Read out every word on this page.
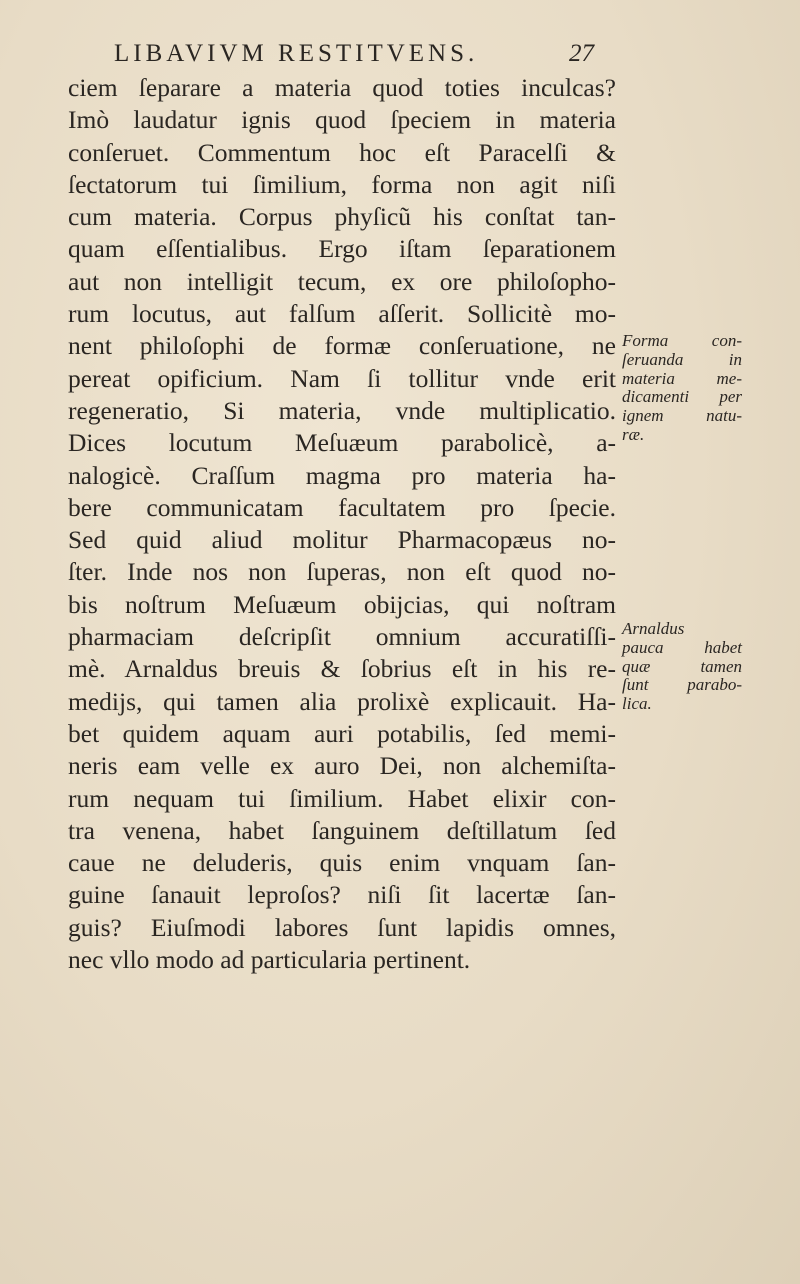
LIBAVIVM RESTITVENS.	27
ciem ſeparare a materia quod toties inculcas?
Imò laudatur ignis quod ſpeciem in materia
conſeruet. Commentum hoc eſt Paracelſi &
ſectatorum tui ſimilium, forma non agit niſi
cum materia. Corpus phyſicũ his conſtat tan-
quam eſſentialibus. Ergo iſtam ſeparationem
aut non intelligit tecum, ex ore philoſopho-
rum locutus, aut falſum aſſerit. Sollicitè mo-
nent philoſophi de formæ conſeruatione, ne
pereat opificium. Nam ſi tollitur vnde erit
regeneratio, Si materia, vnde multiplicatio.
Dices locutum Meſuæum parabolicè, a-
nalogicè. Craſſum magma pro materia ha-
bere communicatam facultatem pro ſpecie.
Sed quid aliud molitur Pharmacopæus no-
ſter. Inde nos non ſuperas, non eſt quod no-
bis noſtrum Meſuæum obijcias, qui noſtram
pharmaciam deſcripſit omnium accuratiſſi-
mè. Arnaldus breuis & ſobrius eſt in his re-
medijs, qui tamen alia prolixè explicauit. Ha-
bet quidem aquam auri potabilis, ſed memi-
neris eam velle ex auro Dei, non alchemiſta-
rum nequam tui ſimilium. Habet elixir con-
tra venena, habet ſanguinem deſtillatum ſed
caue ne deluderis, quis enim vnquam ſan-
guine ſanauit leproſos? niſi ſit lacertæ ſan-
guis? Eiuſmodi labores ſunt lapidis omnes,
nec vllo modo ad particularia pertinent.
Forma con-
ſeruanda in
materia me-
dicamenti per
ignem natu-
ræ.
Arnaldus
pauca habet
quæ tamen
ſunt parabo-
lica.
